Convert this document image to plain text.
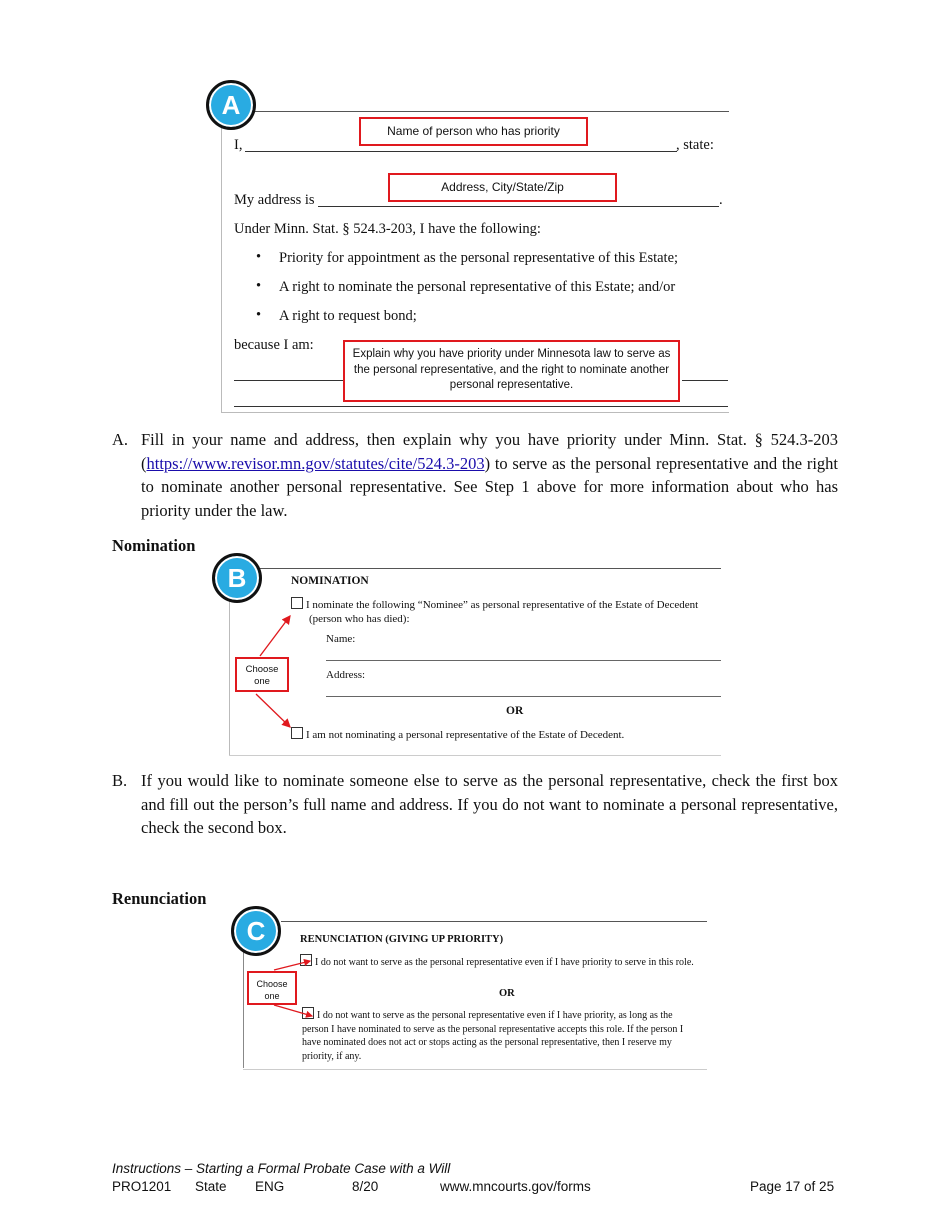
A
I,	, state:
Name of person who has priority
My address is	.
Address, City/State/Zip
Under Minn. Stat. § 524.3-203, I have the following:
• Priority for appointment as the personal representative of this Estate;
• A right to nominate the personal representative of this Estate; and/or
• A right to request bond;
because I am:
Explain why you have priority under Minnesota law to serve as the personal representative, and the right to nominate another personal representative.
A. Fill in your name and address, then explain why you have priority under Minn. Stat. § 524.3-203 (https://www.revisor.mn.gov/statutes/cite/524.3-203) to serve as the personal representative and the right to nominate another personal representative. See Step 1 above for more information about who has priority under the law.
Nomination
B	NOMINATION
I nominate the following “Nominee” as personal representative of the Estate of Decedent
(person who has died):
Name:
Address:
OR
I am not nominating a personal representative of the Estate of Decedent.
Choose one
B. If you would like to nominate someone else to serve as the personal representative, check the first box and fill out the person’s full name and address. If you do not want to nominate a personal representative, check the second box.
Renunciation
C	RENUNCIATION (GIVING UP PRIORITY)
I do not want to serve as the personal representative even if I have priority to serve in this role.
OR
I do not want to serve as the personal representative even if I have priority, as long as the person I have nominated to serve as the personal representative accepts this role. If the person I have nominated does not act or stops acting as the personal representative, then I reserve my priority, if any.
Choose one
Instructions – Starting a Formal Probate Case with a Will
PRO1201 State ENG	8/20	www.mncourts.gov/forms	Page 17 of 25
